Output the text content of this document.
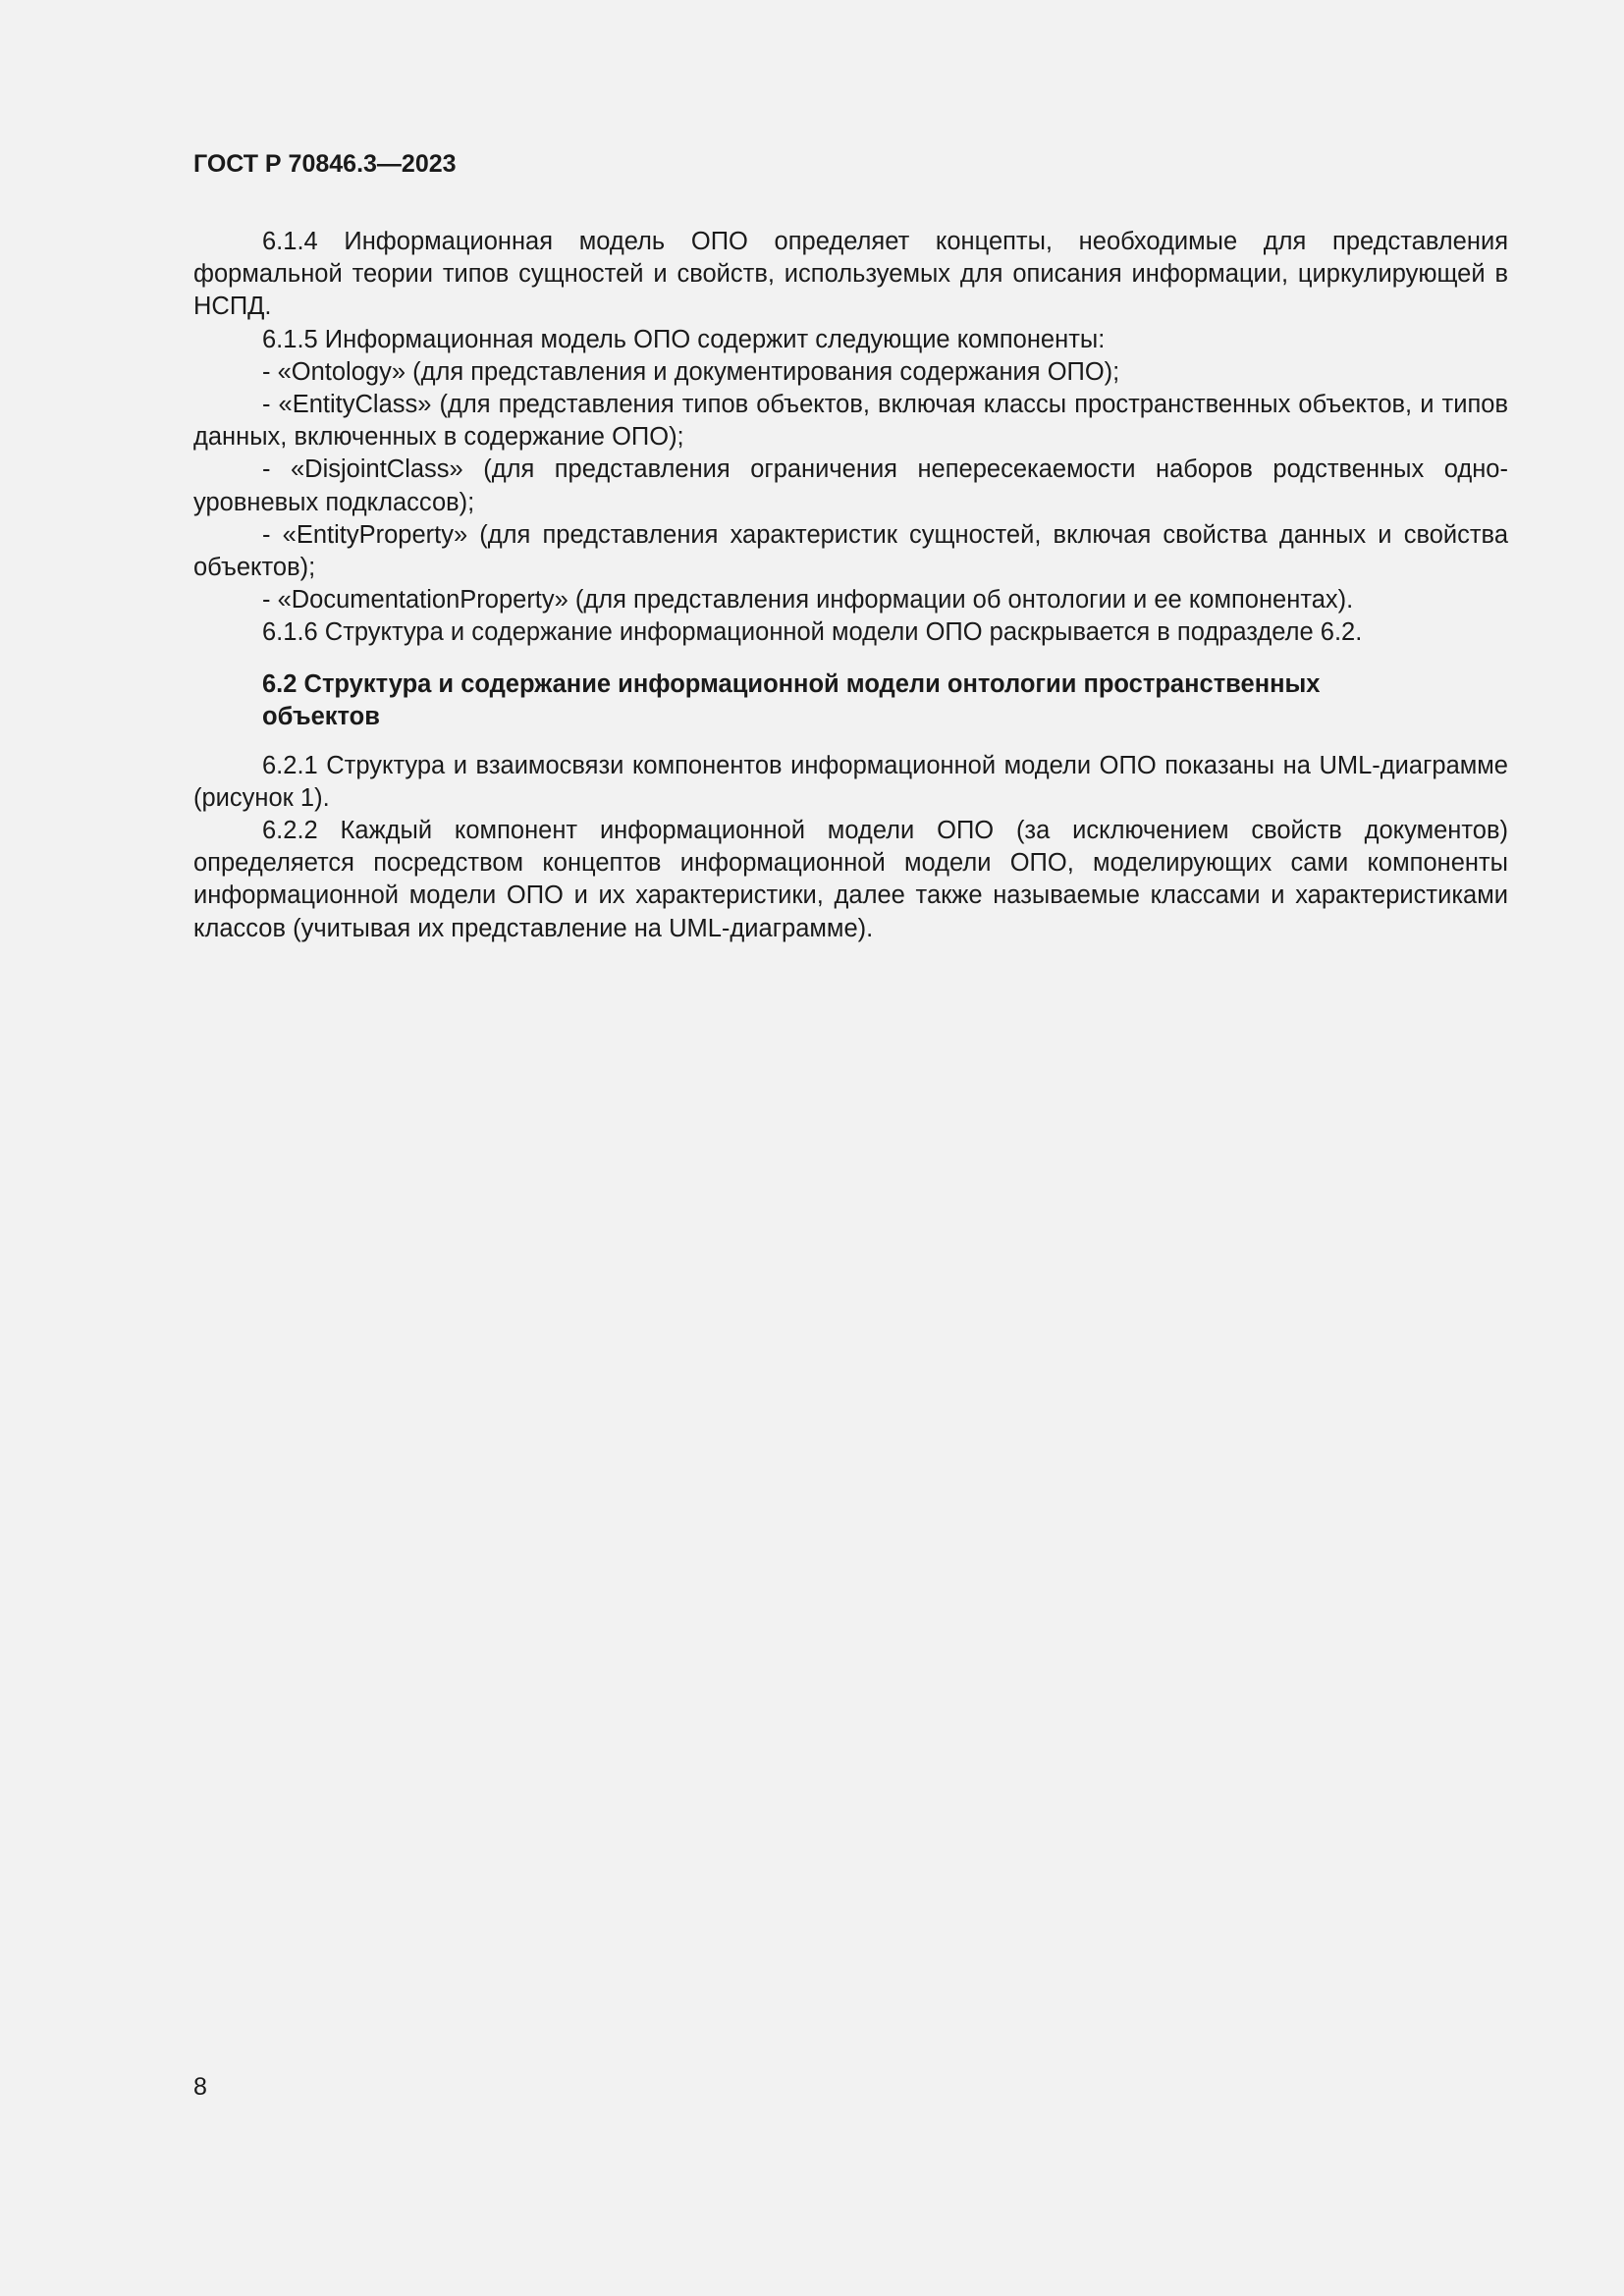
ГОСТ Р 70846.3—2023

6.1.4 Информационная модель ОПО определяет концепты, необходимые для представления формальной теории типов сущностей и свойств, используемых для описания информации, циркулирующей в НСПД.

6.1.5 Информационная модель ОПО содержит следующие компоненты:

- «Ontology» (для представления и документирования содержания ОПО);

- «EntityClass» (для представления типов объектов, включая классы пространственных объектов, и типов данных, включенных в содержание ОПО);

- «DisjointClass» (для представления ограничения непересекаемости наборов родственных одноуровневых подклассов);

- «EntityProperty» (для представления характеристик сущностей, включая свойства данных и свойства объектов);

- «DocumentationProperty» (для представления информации об онтологии и ее компонентах).

6.1.6 Структура и содержание информационной модели ОПО раскрывается в подразделе 6.2.

6.2 Структура и содержание информационной модели онтологии пространственных объектов

6.2.1 Структура и взаимосвязи компонентов информационной модели ОПО показаны на UML-диаграмме (рисунок 1).

6.2.2 Каждый компонент информационной модели ОПО (за исключением свойств документов) определяется посредством концептов информационной модели ОПО, моделирующих сами компоненты информационной модели ОПО и их характеристики, далее также называемые классами и характеристиками классов (учитывая их представление на UML-диаграмме).

8
